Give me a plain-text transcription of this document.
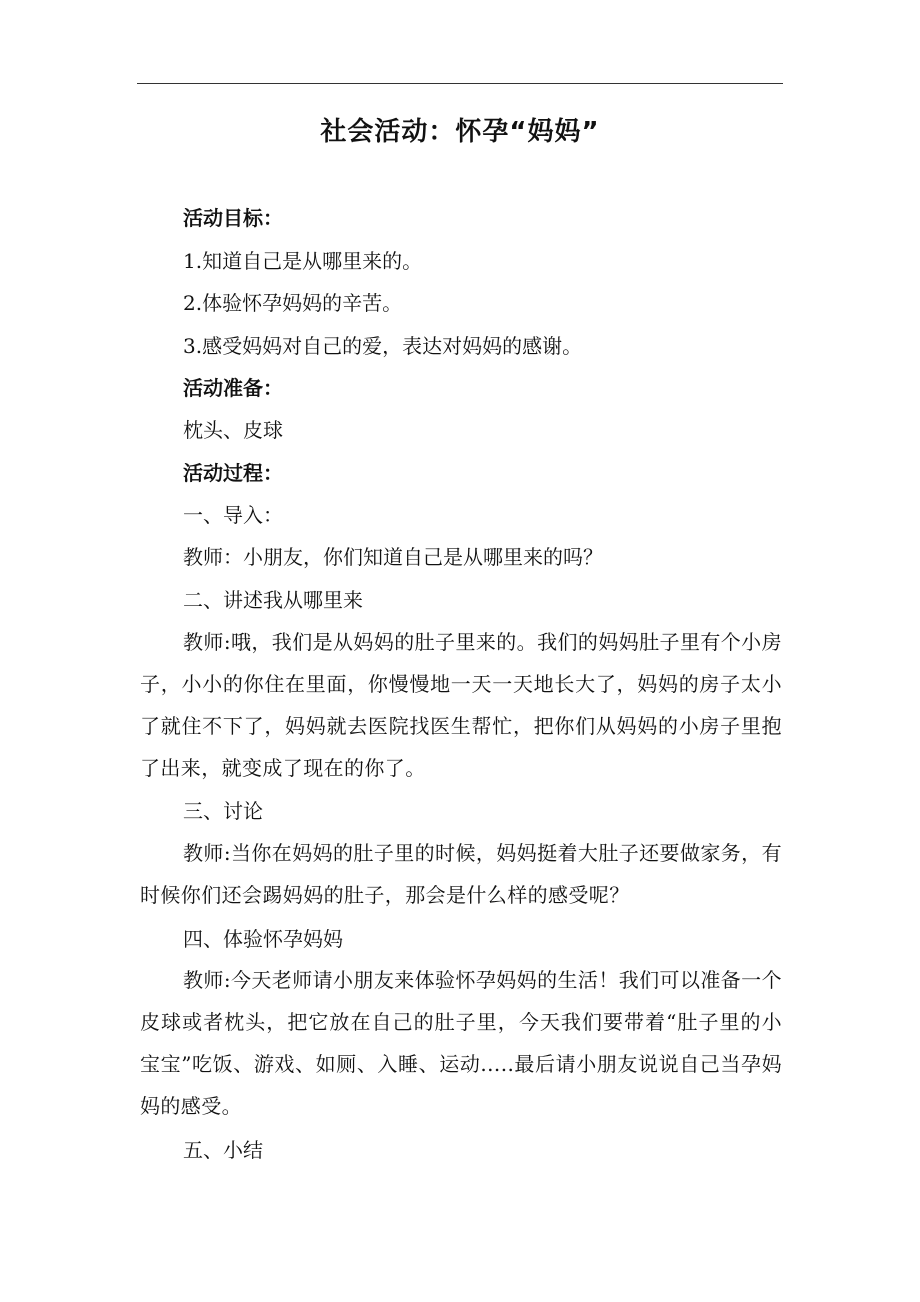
社会活动：怀孕“妈妈”

活动目标：

1.知道自己是从哪里来的。

2.体验怀孕妈妈的辛苦。

3.感受妈妈对自己的爱，表达对妈妈的感谢。

活动准备：

枕头、皮球

活动过程：

一、导入：

教师：小朋友，你们知道自己是从哪里来的吗？

二、讲述我从哪里来

教师:哦，我们是从妈妈的肚子里来的。我们的妈妈肚子里有个小房子，小小的你住在里面，你慢慢地一天一天地长大了，妈妈的房子太小了就住不下了，妈妈就去医院找医生帮忙，把你们从妈妈的小房子里抱了出来，就变成了现在的你了。

三、讨论

教师:当你在妈妈的肚子里的时候，妈妈挺着大肚子还要做家务，有时候你们还会踢妈妈的肚子，那会是什么样的感受呢？

四、体验怀孕妈妈

教师:今天老师请小朋友来体验怀孕妈妈的生活！我们可以准备一个皮球或者枕头，把它放在自己的肚子里，今天我们要带着“肚子里的小宝宝”吃饭、游戏、如厕、入睡、运动.....最后请小朋友说说自己当孕妈妈的感受。

五、小结
